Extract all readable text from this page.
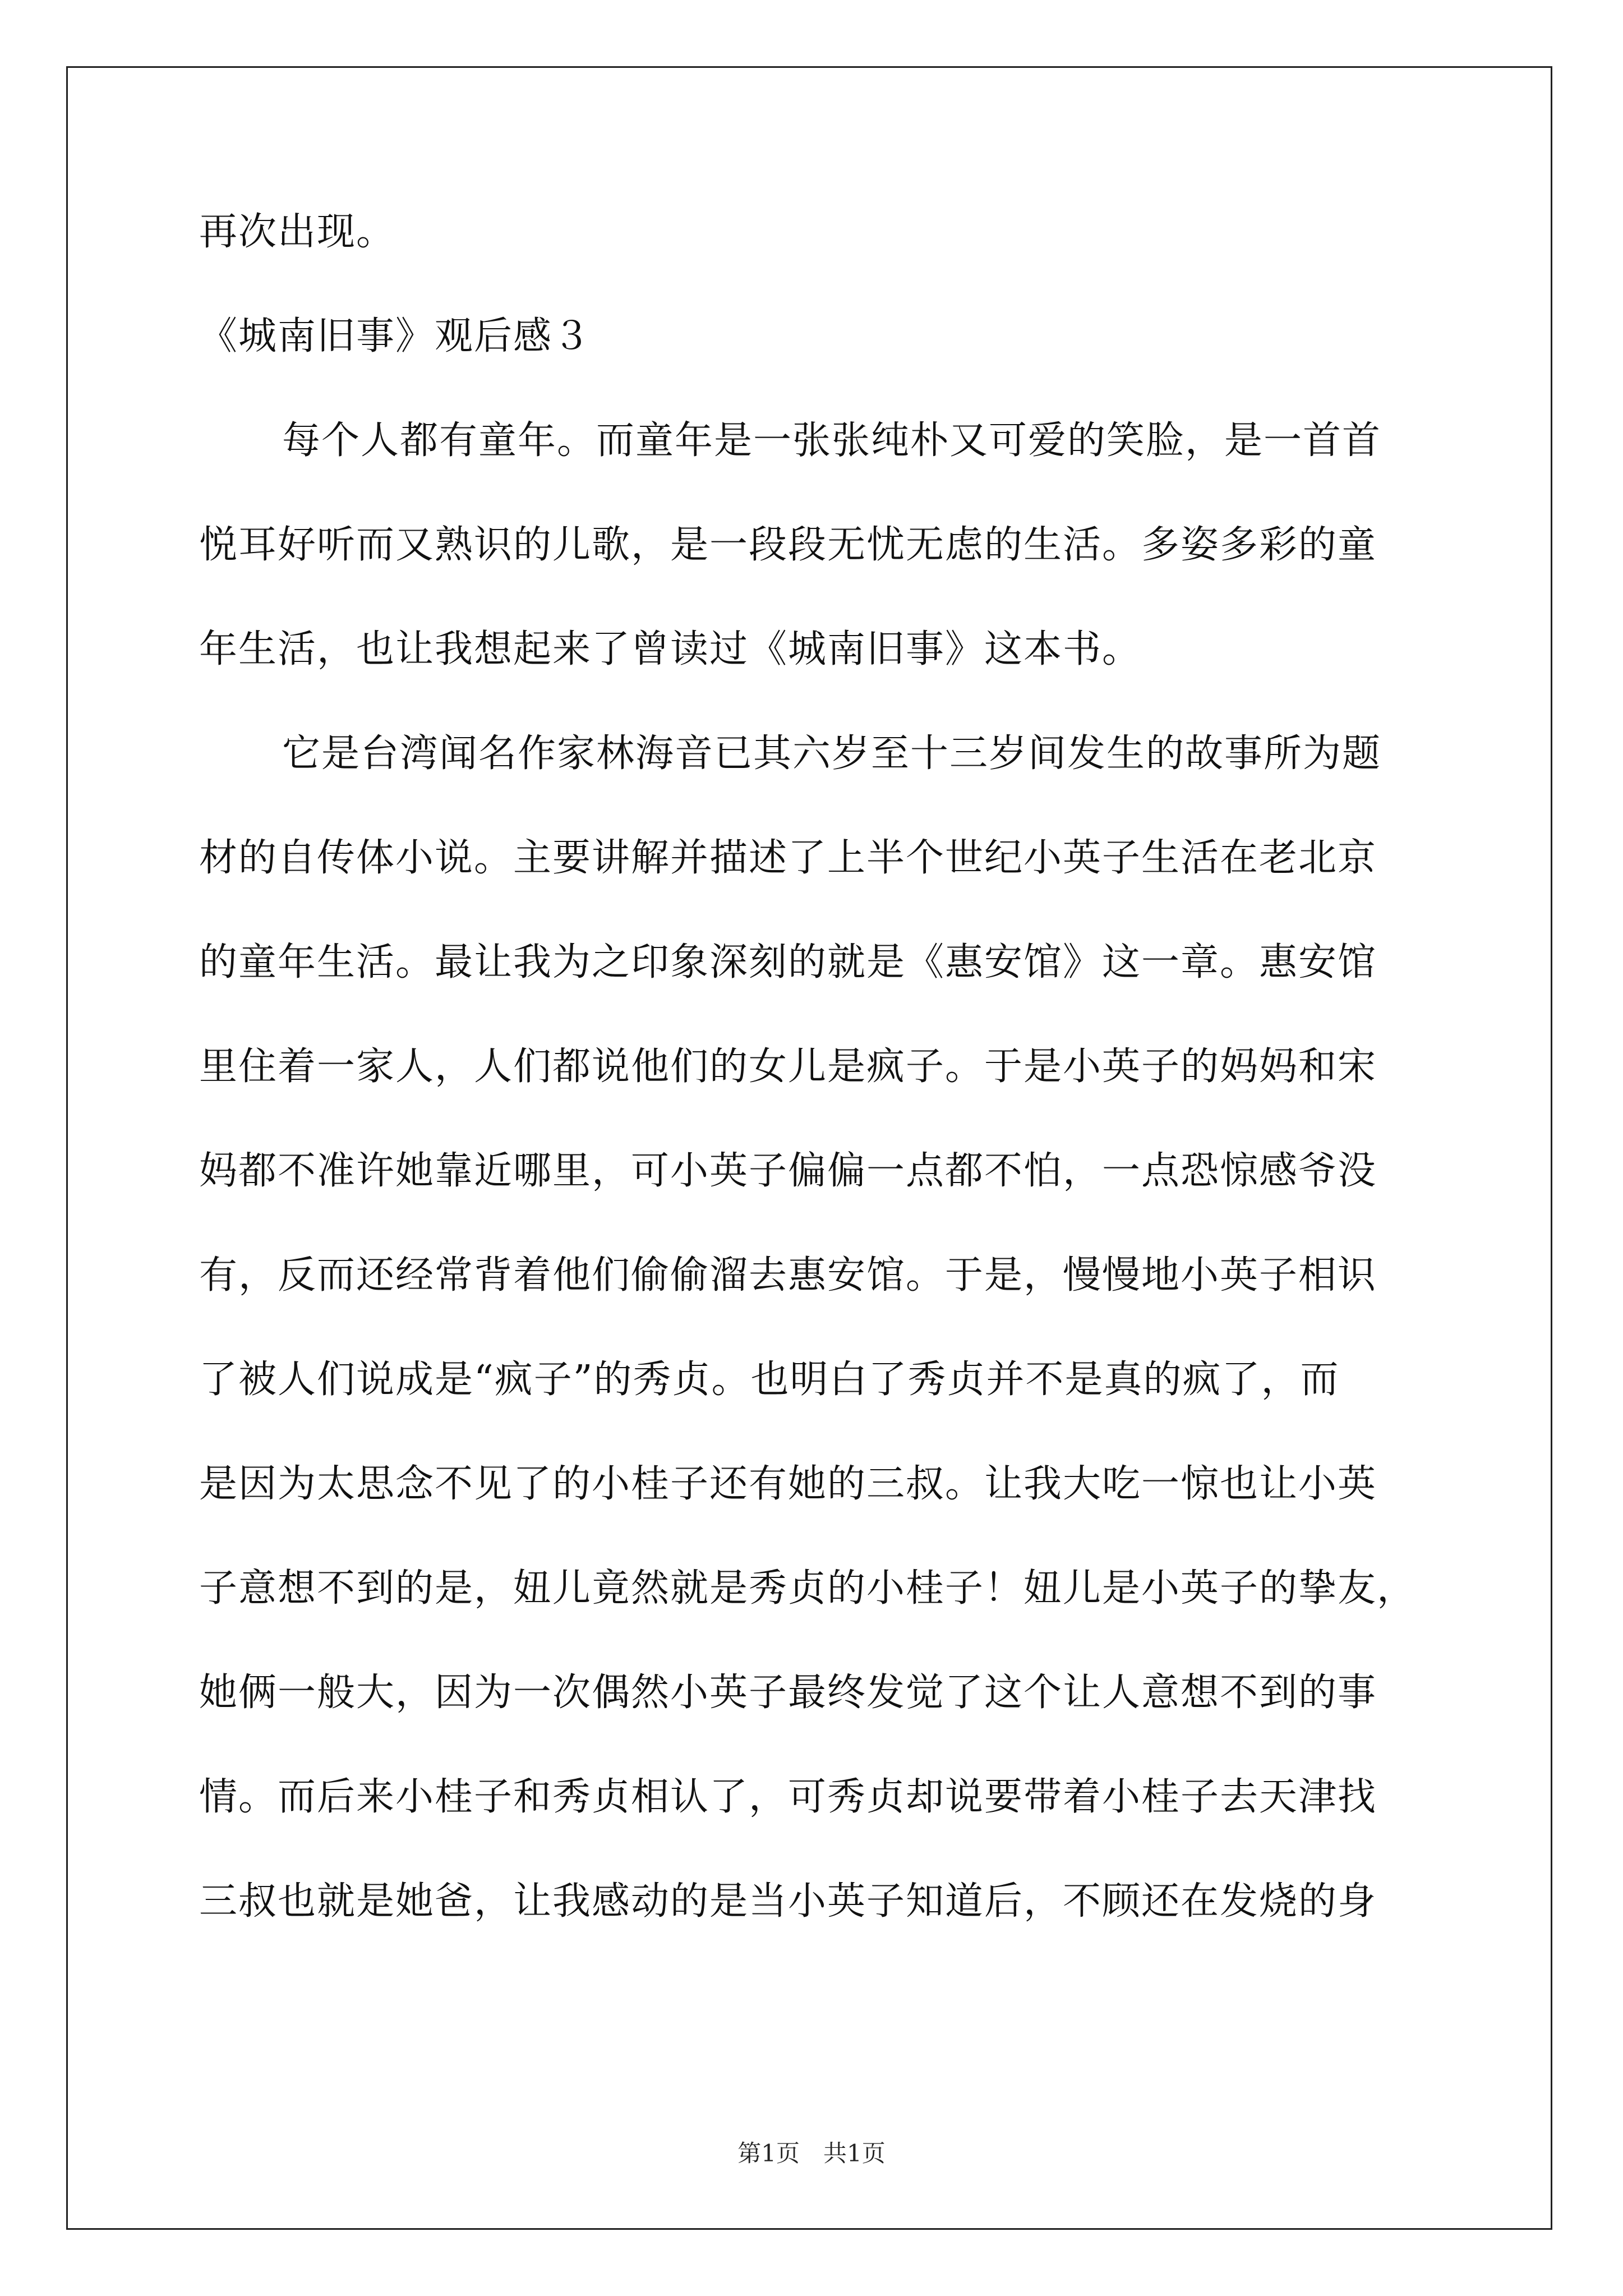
再次出现。

《城南旧事》观后感３

每个人都有童年。而童年是一张张纯朴又可爱的笑脸，是一首首

悦耳好听而又熟识的儿歌，是一段段无忧无虑的生活。多姿多彩的童

年生活，也让我想起来了曾读过《城南旧事》这本书。

它是台湾闻名作家林海音已其六岁至十三岁间发生的故事所为题

材的自传体小说。主要讲解并描述了上半个世纪小英子生活在老北京

的童年生活。最让我为之印象深刻的就是《惠安馆》这一章。惠安馆

里住着一家人，人们都说他们的女儿是疯子。于是小英子的妈妈和宋

妈都不准许她靠近哪里，可小英子偏偏一点都不怕，一点恐惊感爷没

有，反而还经常背着他们偷偷溜去惠安馆。于是，慢慢地小英子相识

了被人们说成是“疯子”的秀贞。也明白了秀贞并不是真的疯了，而

是因为太思念不见了的小桂子还有她的三叔。让我大吃一惊也让小英

子意想不到的是，妞儿竟然就是秀贞的小桂子！妞儿是小英子的挚友，

她俩一般大，因为一次偶然小英子最终发觉了这个让人意想不到的事

情。而后来小桂子和秀贞相认了，可秀贞却说要带着小桂子去天津找

三叔也就是她爸，让我感动的是当小英子知道后，不顾还在发烧的身

第1页　共1页
